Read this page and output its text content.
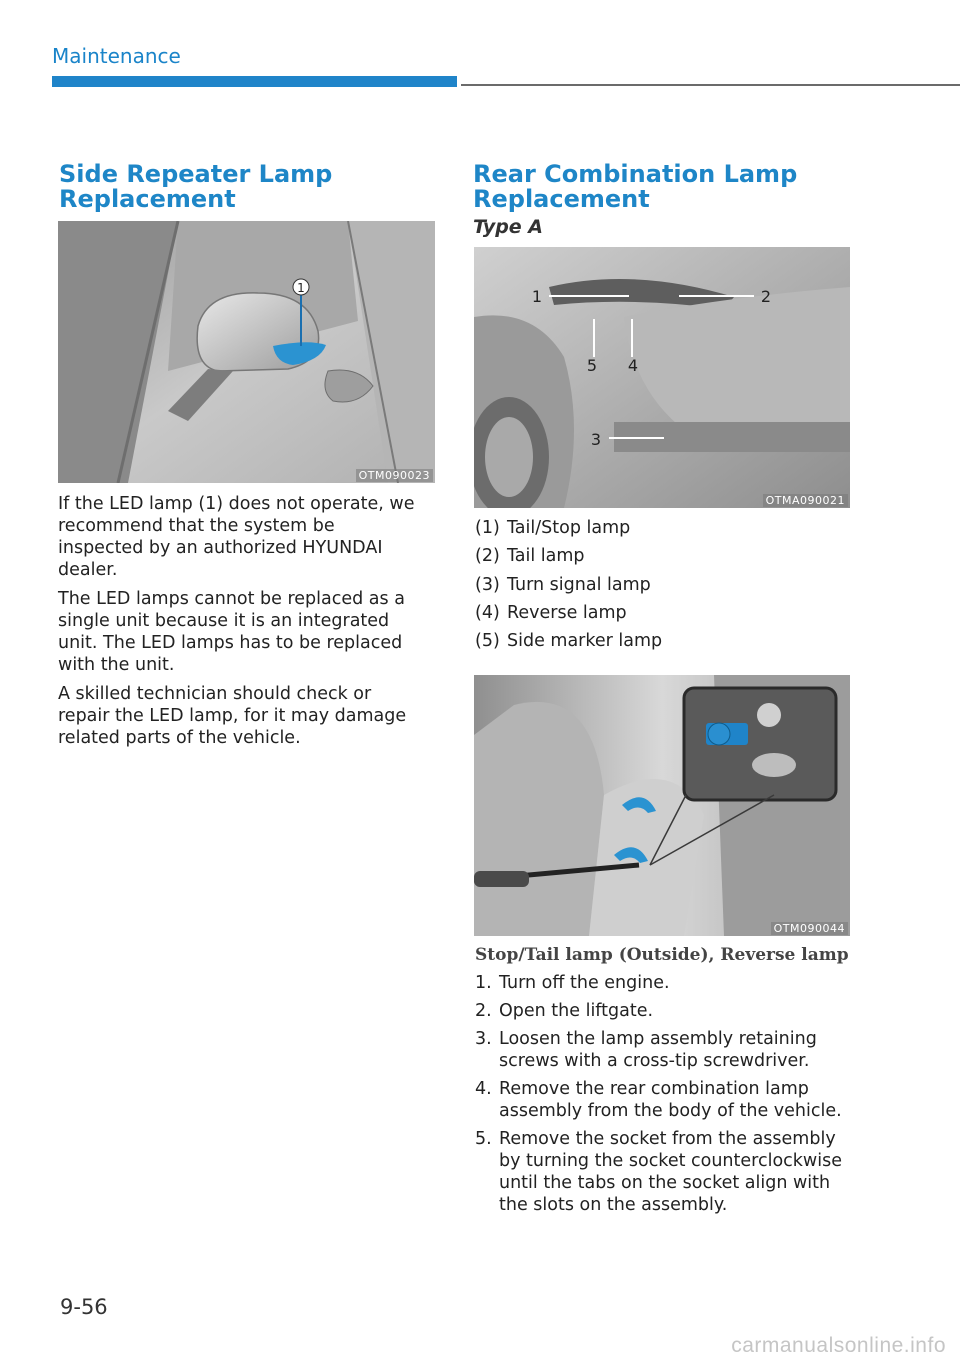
Maintenance
Side Repeater Lamp
Replacement
1
OTM090023

If the LED lamp (1) does not operate, we recommend that the system be inspected by an authorized HYUNDAI dealer.

The LED lamps cannot be replaced as a single unit because it is an integrated unit. The LED lamps has to be replaced with the unit.

A skilled technician should check or repair the LED lamp, for it may damage related parts of the vehicle.

Rear Combination Lamp
Replacement
Type A
1	2
3
4
5
OTMA090021
(1) Tail/Stop lamp
(2) Tail lamp
(3) Turn signal lamp
(4) Reverse lamp
(5) Side marker lamp
OTM090044
Stop/Tail lamp (Outside), Reverse lamp
1. Turn off the engine.
2. Open the liftgate.
3. Loosen the lamp assembly retaining screws with a cross-tip screwdriver.
4. Remove the rear combination lamp assembly from the body of the vehicle.
5. Remove the socket from the assembly by turning the socket counterclockwise until the tabs on the socket align with the slots on the assembly.
9-56
carmanualsonline.info
